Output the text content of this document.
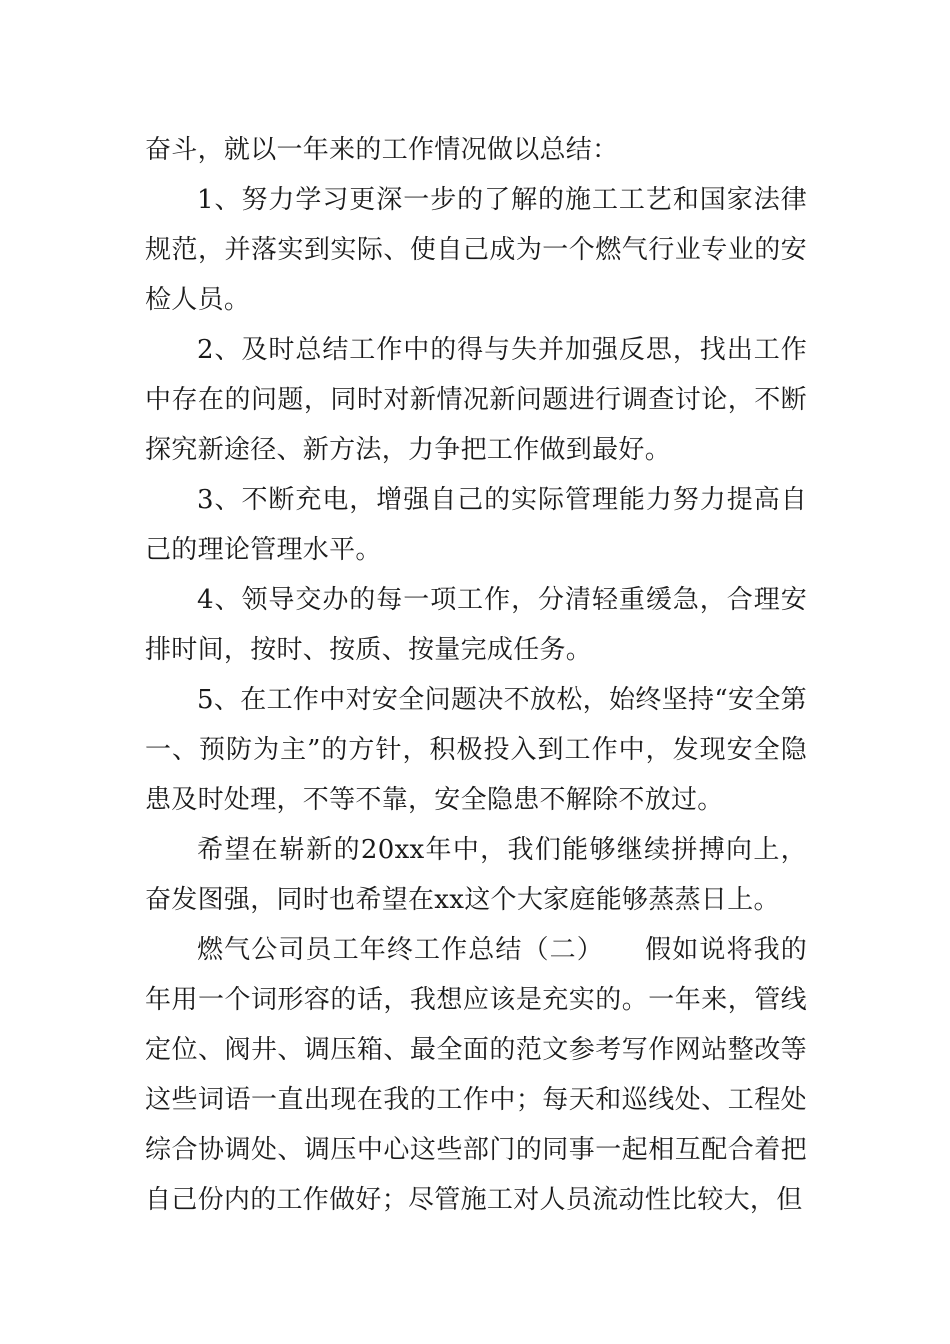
奋斗，就以一年来的工作情况做以总结：

1、努力学习更深一步的了解的施工工艺和国家法律规范，并落实到实际、使自己成为一个燃气行业专业的安检人员。

2、及时总结工作中的得与失并加强反思，找出工作中存在的问题，同时对新情况新问题进行调查讨论，不断探究新途径、新方法，力争把工作做到最好。

3、不断充电，增强自己的实际管理能力努力提高自己的理论管理水平。

4、领导交办的每一项工作，分清轻重缓急，合理安排时间，按时、按质、按量完成任务。

5、在工作中对安全问题决不放松，始终坚持“安全第一、预防为主”的方针，积极投入到工作中，发现安全隐患及时处理，不等不靠，安全隐患不解除不放过。

希望在崭新的20xx年中，我们能够继续拼搏向上，奋发图强，同时也希望在xx这个大家庭能够蒸蒸日上。

燃气公司员工年终工作总结（二）　　假如说将我的年用一个词形容的话，我想应该是充实的。一年来，管线定位、阀井、调压箱、最全面的范文参考写作网站整改等这些词语一直出现在我的工作中；每天和巡线处、工程处综合协调处、调压中心这些部门的同事一起相互配合着把自己份内的工作做好；尽管施工对人员流动性比较大，但
